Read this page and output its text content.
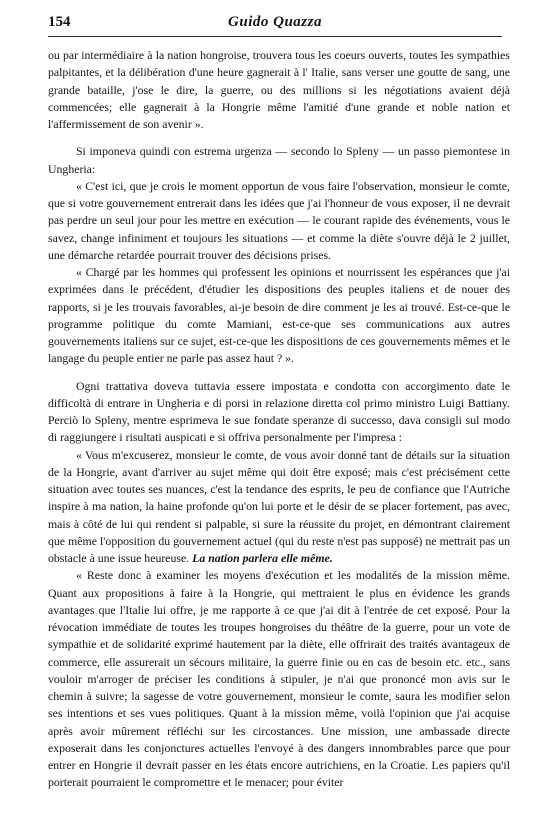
154	Guido Quazza

ou par intermédiaire à la nation hongroise, trouvera tous les coeurs ouverts, toutes les sympathies palpitantes, et la délibération d'une heure gagnerait à l' Italie, sans verser une goutte de sang, une grande bataille, j'ose le dire, la guerre, ou des millions si les négotiations avaient déjà commencées; elle gagnerait à la Hongrie même l'amitié d'une grande et noble nation et l'affermissement de son avenir ».

Si imponeva quindi con estrema urgenza — secondo lo Spleny — un passo piemontese in Ungheria:

« C'est ici, que je crois le moment opportun de vous faire l'observation, monsieur le comte, que si votre gouvernement entrerait dans les idées que j'ai l'honneur de vous exposer, il ne devrait pas perdre un seul jour pour les mettre en exécution — le courant rapide des événements, vous le savez, change infiniment et toujours les situations — et comme la diète s'ouvre déjà le 2 juillet, une démarche retardée pourrait trouver des décisions prises.

« Chargé par les hommes qui professent les opinions et nourrissent les espérances que j'ai exprimées dans le précédent, d'étudier les dispositions des peuples italiens et de nouer des rapports, si je les trouvais favorables, ai-je besoin de dire comment je les ai trouvé. Est-ce-que le programme politique du comte Mamiani, est-ce-que ses communications aux autres gouvernements italiens sur ce sujet, est-ce-que les dispositions de ces gouvernements mêmes et le langage du peuple entier ne parle pas assez haut ? ».

Ogni trattativa doveva tuttavia essere impostata e condotta con accorgimento date le difficoltà di entrare in Ungheria e di porsi in relazione diretta col primo ministro Luigi Battiany. Perciò lo Spleny, mentre esprimeva le sue fondate speranze di successo, dava consigli sul modo di raggiungere i risultati auspicati e si offriva personalmente per l'impresa :

« Vous m'excuserez, monsieur le comte, de vous avoir donné tant de détails sur la situation de la Hongrie, avant d'arriver au sujet même qui doit être exposé; mais c'est précisément cette situation avec toutes ses nuances, c'est la tendance des esprits, le peu de confiance que l'Autriche inspire à ma nation, la haine profonde qu'on lui porte et le désir de se placer fortement, pas avec, mais à côté de lui qui rendent si palpable, si sure la réussite du projet, en démontrant clairement que même l'opposition du gouvernement actuel (qui du reste n'est pas supposé) ne mettrait pas un obstacle à une issue heureuse. La nation parlera elle même.

« Reste donc à examiner les moyens d'exécution et les modalités de la mission même. Quant aux propositions à faire à la Hongrie, qui mettraient le plus en évidence les grands avantages que l'Italie lui offre, je me rapporte à ce que j'ai dit à l'entrée de cet exposé. Pour la révocation immédiate de toutes les troupes hongroises du théâtre de la guerre, pour un vote de sympathie et de solidarité exprimé hautement par la diète, elle offrirait des traités avantageux de commerce, elle assurerait un sécours militaire, la guerre finie ou en cas de besoin etc. etc., sans vouloir m'arroger de préciser les conditions à stipuler, je n'ai que prononcé mon avis sur le chemin à suivre; la sagesse de votre gouvernement, monsieur le comte, saura les modifier selon ses intentions et ses vues politiques. Quant à la mission même, voilà l'opinion que j'ai acquise après avoir mûrement réfléchi sur les circostances. Une mission, une ambassade directe exposerait dans les conjonctures actuelles l'envoyé à des dangers innombrables parce que pour entrer en Hongrie il devrait passer en les états encore autrichiens, en la Croatie. Les papiers qu'il porterait pourraient le compromettre et le menacer; pour éviter
